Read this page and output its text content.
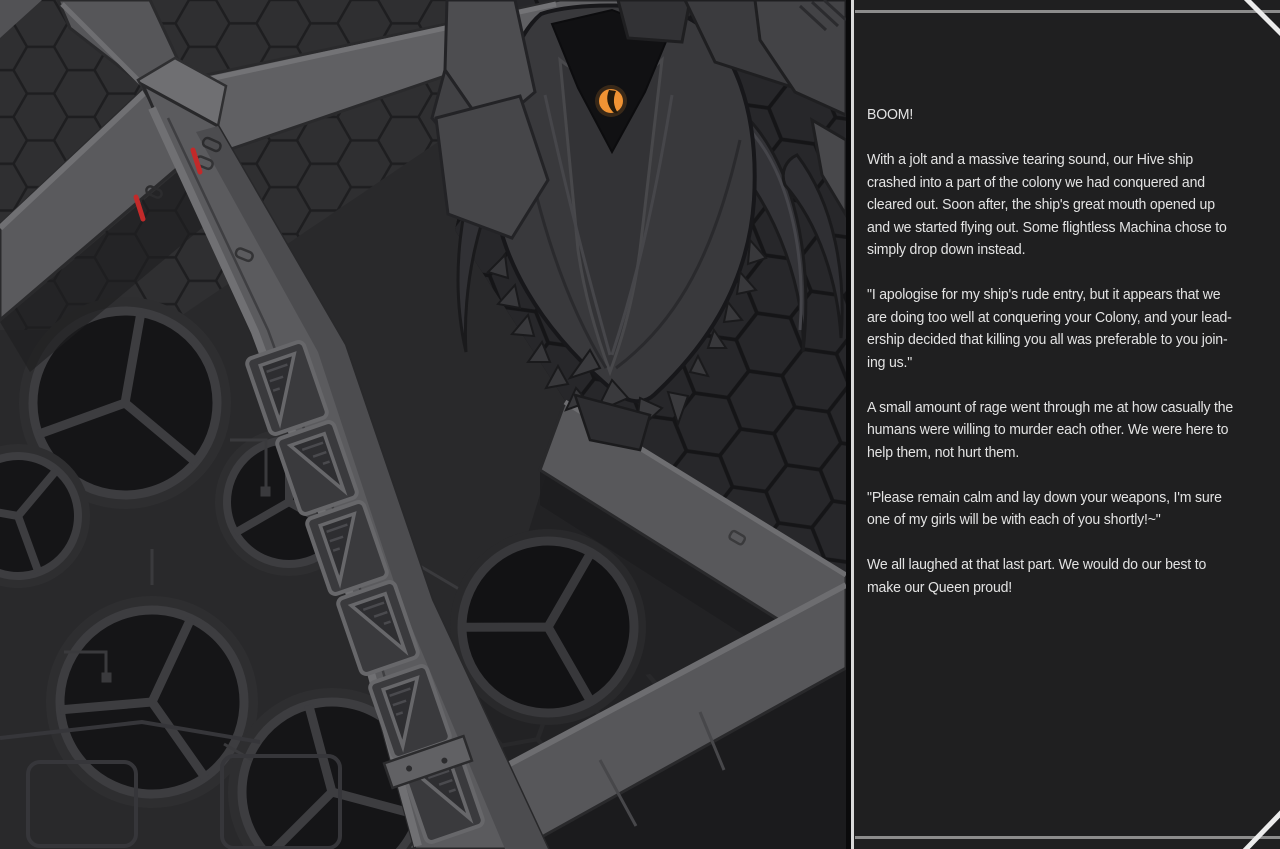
BOOM!

With a jolt and a massive tearing sound, our Hive ship
crashed into a part of the colony we had conquered and
cleared out. Soon after, the ship's great mouth opened up
and we started flying out. Some flightless Machina chose to
simply drop down instead.

"I apologise for my ship's rude entry, but it appears that we
are doing too well at conquering your Colony, and your lead-
ership decided that killing you all was preferable to you join-
ing us."

A small amount of rage went through me at how casually the
humans were willing to murder each other. We were here to
help them, not hurt them.

"Please remain calm and lay down your weapons, I'm sure
one of my girls will be with each of you shortly!~"

We all laughed at that last part. We would do our best to
make our Queen proud!
